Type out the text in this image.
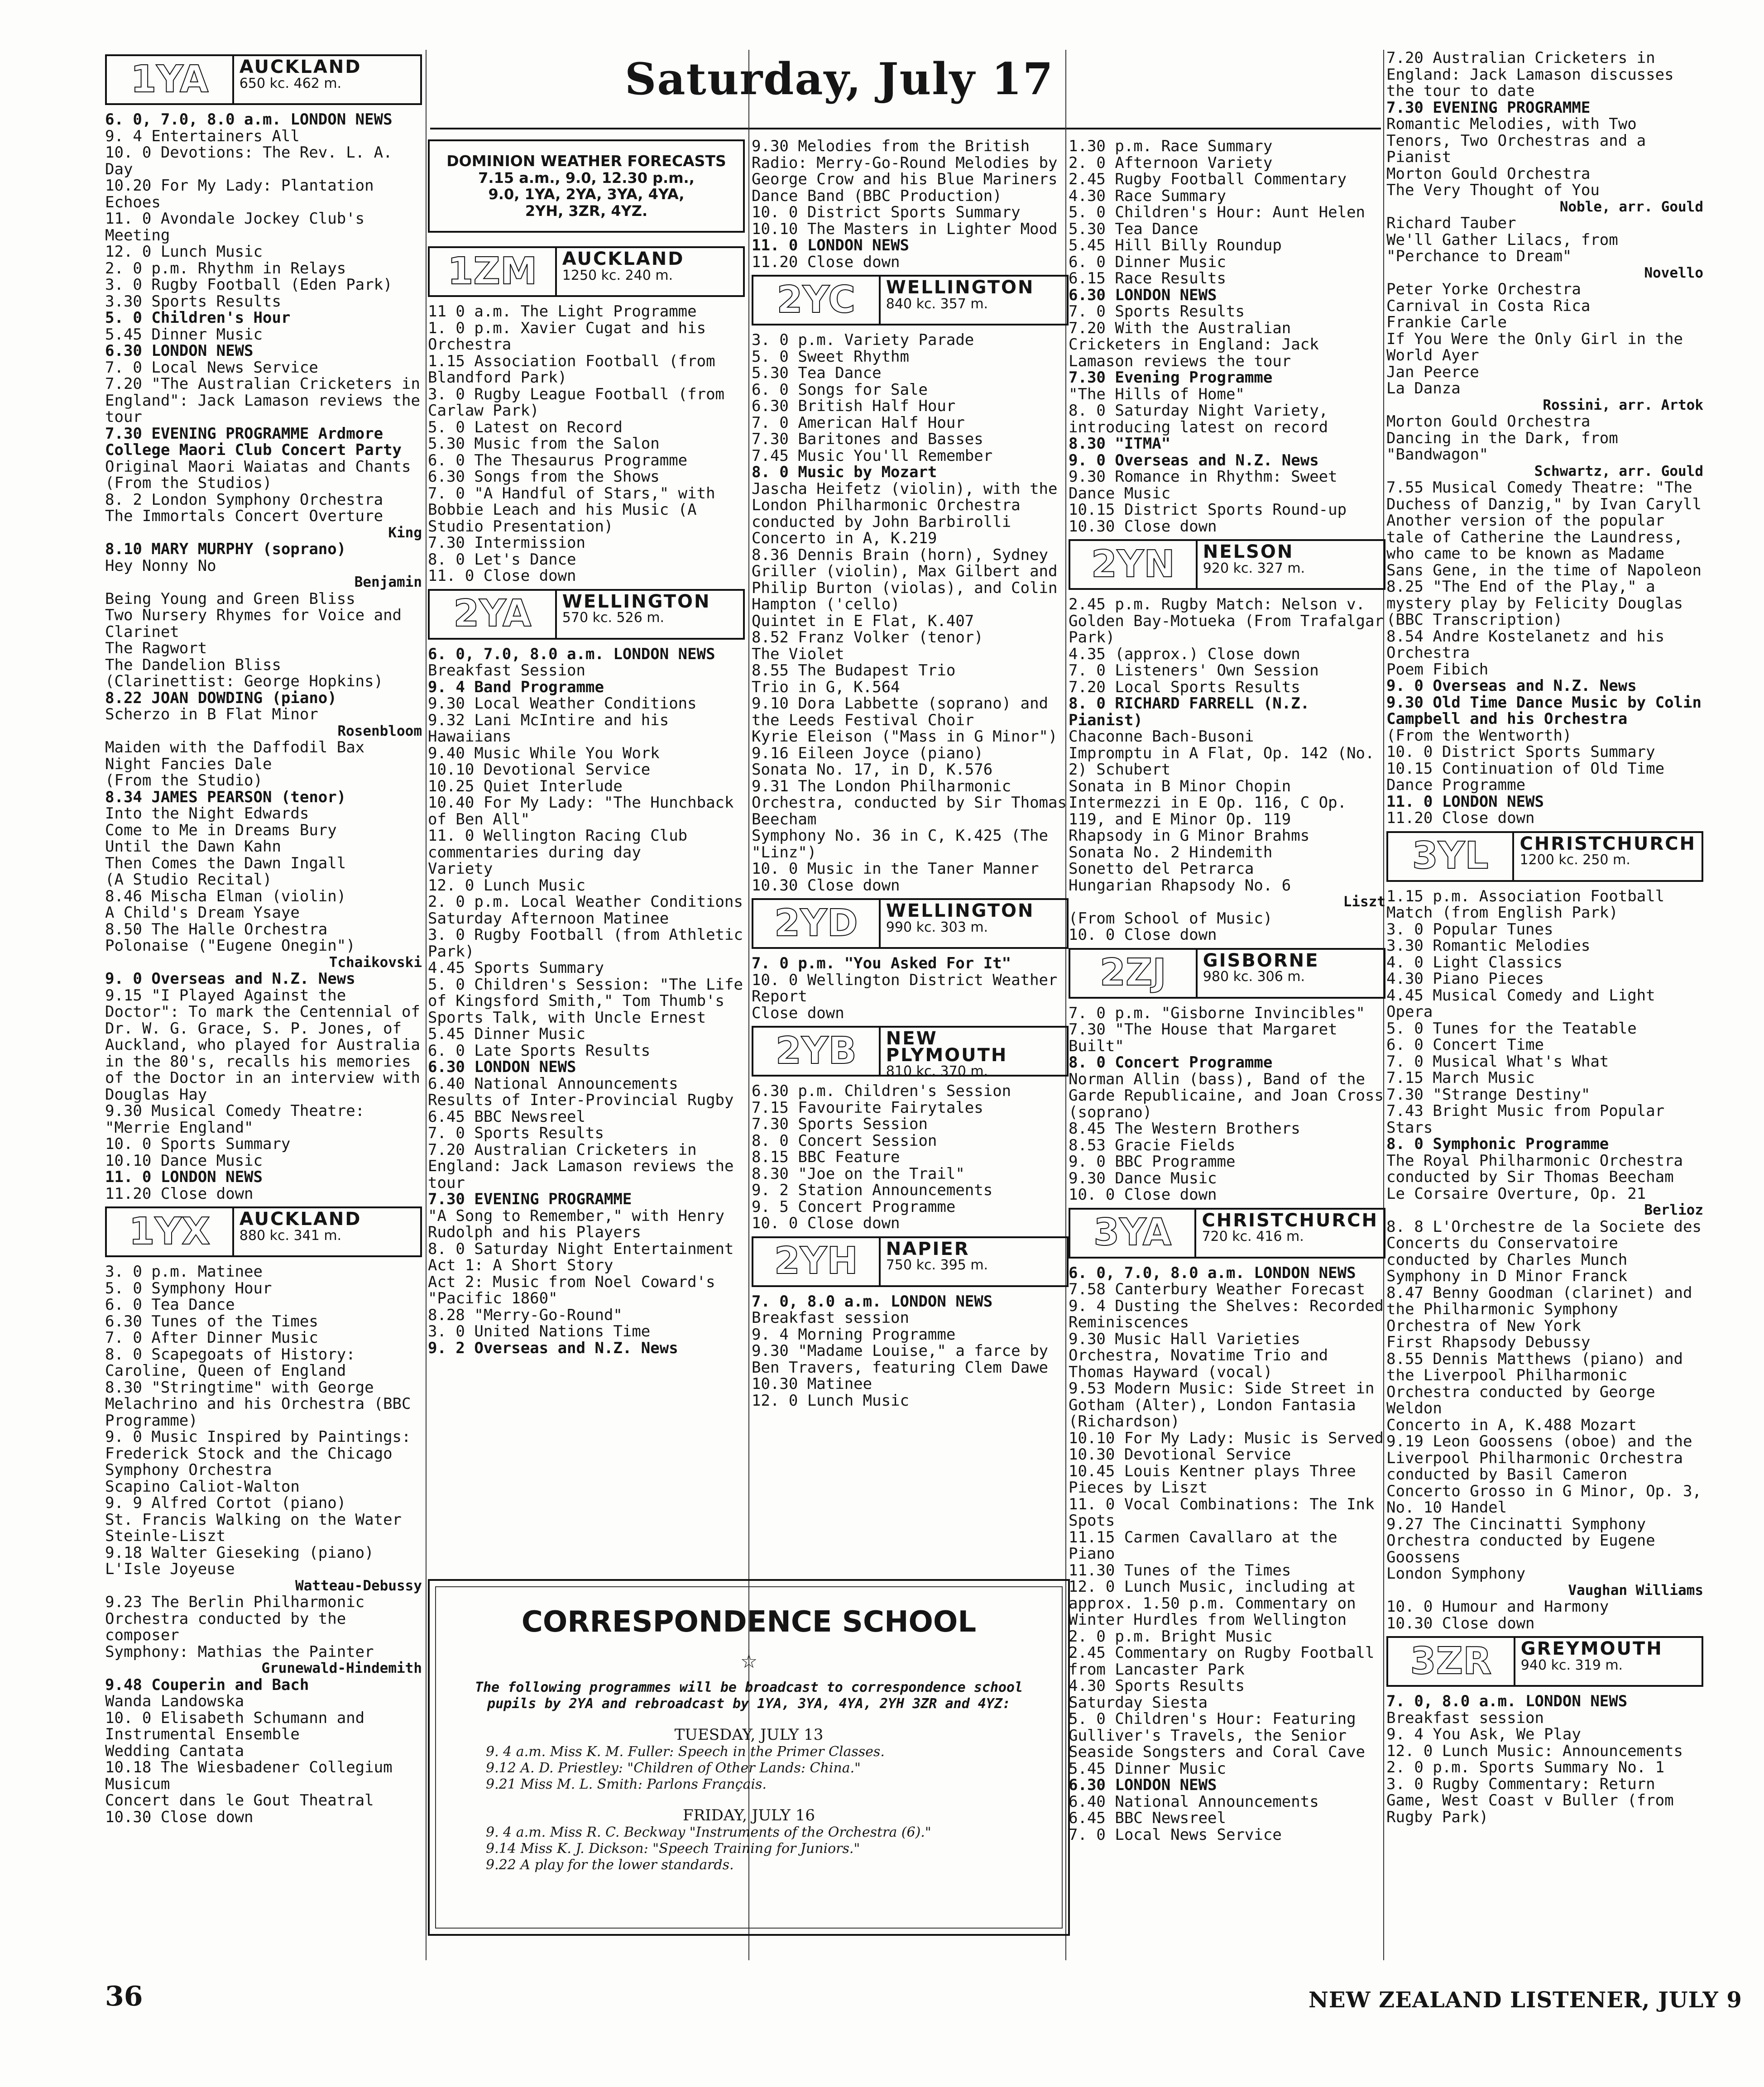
Saturday, July 17
1YA	AUCKLAND
650 kc. 462 m.
6. 0, 7.0, 8.0 a.m. LONDON NEWS
9. 4 Entertainers All
10. 0 Devotions: The Rev. L. A. Day
10.20 For My Lady: Plantation Echoes
11. 0 Avondale Jockey Club's Meeting
12. 0 Lunch Music
2. 0 p.m. Rhythm in Relays
3. 0 Rugby Football (Eden Park)
3.30 Sports Results
5. 0 Children's Hour
5.45 Dinner Music
6.30 LONDON NEWS
7. 0 Local News Service
7.20 "The Australian Cricketers in England": Jack Lamason reviews the tour
7.30 EVENING PROGRAMME Ardmore College Maori Club Concert Party
Original Maori Waiatas and Chants
(From the Studios)
8. 2 London Symphony Orchestra
The Immortals Concert Overture
King
8.10 MARY MURPHY (soprano)
Hey Nonny No
Benjamin
Being Young and Green Bliss
Two Nursery Rhymes for Voice and Clarinet
The Ragwort
The Dandelion Bliss
(Clarinettist: George Hopkins)
8.22 JOAN DOWDING (piano)
Scherzo in B Flat Minor
Rosenbloom
Maiden with the Daffodil Bax
Night Fancies Dale
(From the Studio)
8.34 JAMES PEARSON (tenor)
Into the Night Edwards
Come to Me in Dreams Bury
Until the Dawn Kahn
Then Comes the Dawn Ingall
(A Studio Recital)
8.46 Mischa Elman (violin)
A Child's Dream Ysaye
8.50 The Halle Orchestra
Polonaise ("Eugene Onegin")
Tchaikovski
9. 0 Overseas and N.Z. News
9.15 "I Played Against the Doctor": To mark the Centennial of Dr. W. G. Grace, S. P. Jones, of Auckland, who played for Australia in the 80's, recalls his memories of the Doctor in an interview with Douglas Hay
9.30 Musical Comedy Theatre: "Merrie England"
10. 0 Sports Summary
10.10 Dance Music
11. 0 LONDON NEWS
11.20 Close down
1YX	AUCKLAND
880 kc. 341 m.
3. 0 p.m. Matinee
5. 0 Symphony Hour
6. 0 Tea Dance
6.30 Tunes of the Times
7. 0 After Dinner Music
8. 0 Scapegoats of History: Caroline, Queen of England
8.30 "Stringtime" with George Melachrino and his Orchestra (BBC Programme)
9. 0 Music Inspired by Paintings: Frederick Stock and the Chicago Symphony Orchestra
Scapino Caliot-Walton
9. 9 Alfred Cortot (piano)
St. Francis Walking on the Water Steinle-Liszt
9.18 Walter Gieseking (piano)
L'Isle Joyeuse
Watteau-Debussy
9.23 The Berlin Philharmonic Orchestra conducted by the composer
Symphony: Mathias the Painter
Grunewald-Hindemith
9.48 Couperin and Bach
Wanda Landowska
10. 0 Elisabeth Schumann and Instrumental Ensemble
Wedding Cantata
10.18 The Wiesbadener Collegium Musicum
Concert dans le Gout Theatral
10.30 Close down
DOMINION WEATHER FORECASTS
7.15 a.m., 9.0, 12.30 p.m.,
9.0, 1YA, 2YA, 3YA, 4YA,
2YH, 3ZR, 4YZ.
1ZM	AUCKLAND
1250 kc. 240 m.
11 0 a.m. The Light Programme
1. 0 p.m. Xavier Cugat and his Orchestra
1.15 Association Football (from Blandford Park)
3. 0 Rugby League Football (from Carlaw Park)
5. 0 Latest on Record
5.30 Music from the Salon
6. 0 The Thesaurus Programme
6.30 Songs from the Shows
7. 0 "A Handful of Stars," with Bobbie Leach and his Music (A Studio Presentation)
7.30 Intermission
8. 0 Let's Dance
11. 0 Close down
2YA	WELLINGTON
570 kc. 526 m.
6. 0, 7.0, 8.0 a.m. LONDON NEWS
Breakfast Session
9. 4 Band Programme
9.30 Local Weather Conditions
9.32 Lani McIntire and his Hawaiians
9.40 Music While You Work
10.10 Devotional Service
10.25 Quiet Interlude
10.40 For My Lady: "The Hunchback of Ben All"
11. 0 Wellington Racing Club commentaries during day
Variety
12. 0 Lunch Music
2. 0 p.m. Local Weather Conditions
Saturday Afternoon Matinee
3. 0 Rugby Football (from Athletic Park)
4.45 Sports Summary
5. 0 Children's Session: "The Life of Kingsford Smith," Tom Thumb's Sports Talk, with Uncle Ernest
5.45 Dinner Music
6. 0 Late Sports Results
6.30 LONDON NEWS
6.40 National Announcements
Results of Inter-Provincial Rugby
6.45 BBC Newsreel
7. 0 Sports Results
7.20 Australian Cricketers in England: Jack Lamason reviews the tour
7.30 EVENING PROGRAMME
"A Song to Remember," with Henry Rudolph and his Players
8. 0 Saturday Night Entertainment
Act 1: A Short Story
Act 2: Music from Noel Coward's "Pacific 1860"
8.28 "Merry-Go-Round"
3. 0 United Nations Time
9. 2 Overseas and N.Z. News
9.30 Melodies from the British Radio: Merry-Go-Round Melodies by George Crow and his Blue Mariners Dance Band (BBC Production)
10. 0 District Sports Summary
10.10 The Masters in Lighter Mood
11. 0 LONDON NEWS
11.20 Close down
2YC	WELLINGTON
840 kc. 357 m.
3. 0 p.m. Variety Parade
5. 0 Sweet Rhythm
5.30 Tea Dance
6. 0 Songs for Sale
6.30 British Half Hour
7. 0 American Half Hour
7.30 Baritones and Basses
7.45 Music You'll Remember
8. 0 Music by Mozart
Jascha Heifetz (violin), with the London Philharmonic Orchestra conducted by John Barbirolli
Concerto in A, K.219
8.36 Dennis Brain (horn), Sydney Griller (violin), Max Gilbert and Philip Burton (violas), and Colin Hampton ('cello)
Quintet in E Flat, K.407
8.52 Franz Volker (tenor)
The Violet
8.55 The Budapest Trio
Trio in G, K.564
9.10 Dora Labbette (soprano) and the Leeds Festival Choir
Kyrie Eleison ("Mass in G Minor")
9.16 Eileen Joyce (piano)
Sonata No. 17, in D, K.576
9.31 The London Philharmonic Orchestra, conducted by Sir Thomas Beecham
Symphony No. 36 in C, K.425 (The "Linz")
10. 0 Music in the Taner Manner
10.30 Close down
2YD	WELLINGTON
990 kc. 303 m.
7. 0 p.m. "You Asked For It"
10. 0 Wellington District Weather Report
Close down
2YB	NEW PLYMOUTH
810 kc. 370 m.
6.30 p.m. Children's Session
7.15 Favourite Fairytales
7.30 Sports Session
8. 0 Concert Session
8.15 BBC Feature
8.30 "Joe on the Trail"
9. 2 Station Announcements
9. 5 Concert Programme
10. 0 Close down
2YH	NAPIER
750 kc. 395 m.
7. 0, 8.0 a.m. LONDON NEWS
Breakfast session
9. 4 Morning Programme
9.30 "Madame Louise," a farce by Ben Travers, featuring Clem Dawe
10.30 Matinee
12. 0 Lunch Music
1.30 p.m. Race Summary
2. 0 Afternoon Variety
2.45 Rugby Football Commentary
4.30 Race Summary
5. 0 Children's Hour: Aunt Helen
5.30 Tea Dance
5.45 Hill Billy Roundup
6. 0 Dinner Music
6.15 Race Results
6.30 LONDON NEWS
7. 0 Sports Results
7.20 With the Australian Cricketers in England: Jack Lamason reviews the tour
7.30 Evening Programme
"The Hills of Home"
8. 0 Saturday Night Variety, introducing latest on record
8.30 "ITMA"
9. 0 Overseas and N.Z. News
9.30 Romance in Rhythm: Sweet Dance Music
10.15 District Sports Round-up
10.30 Close down
2YN	NELSON
920 kc. 327 m.
2.45 p.m. Rugby Match: Nelson v. Golden Bay-Motueka (From Trafalgar Park)
4.35 (approx.) Close down
7. 0 Listeners' Own Session
7.20 Local Sports Results
8. 0 RICHARD FARRELL (N.Z. Pianist)
Chaconne Bach-Busoni
Impromptu in A Flat, Op. 142 (No. 2) Schubert
Sonata in B Minor Chopin
Intermezzi in E Op. 116, C Op. 119, and E Minor Op. 119
Rhapsody in G Minor Brahms
Sonata No. 2 Hindemith
Sonetto del Petrarca
Hungarian Rhapsody No. 6
Liszt
(From School of Music)
10. 0 Close down
2ZJ	GISBORNE
980 kc. 306 m.
7. 0 p.m. "Gisborne Invincibles"
7.30 "The House that Margaret Built"
8. 0 Concert Programme
Norman Allin (bass), Band of the Garde Republicaine, and Joan Cross (soprano)
8.45 The Western Brothers
8.53 Gracie Fields
9. 0 BBC Programme
9.30 Dance Music
10. 0 Close down
3YA	CHRISTCHURCH
720 kc. 416 m.
6. 0, 7.0, 8.0 a.m. LONDON NEWS
7.58 Canterbury Weather Forecast
9. 4 Dusting the Shelves: Recorded Reminiscences
9.30 Music Hall Varieties Orchestra, Novatime Trio and Thomas Hayward (vocal)
9.53 Modern Music: Side Street in Gotham (Alter), London Fantasia (Richardson)
10.10 For My Lady: Music is Served
10.30 Devotional Service
10.45 Louis Kentner plays Three Pieces by Liszt
11. 0 Vocal Combinations: The Ink Spots
11.15 Carmen Cavallaro at the Piano
11.30 Tunes of the Times
12. 0 Lunch Music, including at approx. 1.50 p.m. Commentary on Winter Hurdles from Wellington
2. 0 p.m. Bright Music
2.45 Commentary on Rugby Football from Lancaster Park
4.30 Sports Results
Saturday Siesta
5. 0 Children's Hour: Featuring Gulliver's Travels, the Senior Seaside Songsters and Coral Cave
5.45 Dinner Music
6.30 LONDON NEWS
6.40 National Announcements
6.45 BBC Newsreel
7. 0 Local News Service
7.20 Australian Cricketers in England: Jack Lamason discusses the tour to date
7.30 EVENING PROGRAMME
Romantic Melodies, with Two Tenors, Two Orchestras and a Pianist
Morton Gould Orchestra
The Very Thought of You
Noble, arr. Gould
Richard Tauber
We'll Gather Lilacs, from "Perchance to Dream"
Novello
Peter Yorke Orchestra
Carnival in Costa Rica
Frankie Carle
If You Were the Only Girl in the World Ayer
Jan Peerce
La Danza
Rossini, arr. Artok
Morton Gould Orchestra
Dancing in the Dark, from "Bandwagon"
Schwartz, arr. Gould
7.55 Musical Comedy Theatre: "The Duchess of Danzig," by Ivan Caryll
Another version of the popular tale of Catherine the Laundress, who came to be known as Madame Sans Gene, in the time of Napoleon
8.25 "The End of the Play," a mystery play by Felicity Douglas
(BBC Transcription)
8.54 Andre Kostelanetz and his Orchestra
Poem Fibich
9. 0 Overseas and N.Z. News
9.30 Old Time Dance Music by Colin Campbell and his Orchestra
(From the Wentworth)
10. 0 District Sports Summary
10.15 Continuation of Old Time Dance Programme
11. 0 LONDON NEWS
11.20 Close down
3YL	CHRISTCHURCH
1200 kc. 250 m.
1.15 p.m. Association Football Match (from English Park)
3. 0 Popular Tunes
3.30 Romantic Melodies
4. 0 Light Classics
4.30 Piano Pieces
4.45 Musical Comedy and Light Opera
5. 0 Tunes for the Teatable
6. 0 Concert Time
7. 0 Musical What's What
7.15 March Music
7.30 "Strange Destiny"
7.43 Bright Music from Popular Stars
8. 0 Symphonic Programme
The Royal Philharmonic Orchestra conducted by Sir Thomas Beecham
Le Corsaire Overture, Op. 21
Berlioz
8. 8 L'Orchestre de la Societe des Concerts du Conservatoire conducted by Charles Munch
Symphony in D Minor Franck
8.47 Benny Goodman (clarinet) and the Philharmonic Symphony Orchestra of New York
First Rhapsody Debussy
8.55 Dennis Matthews (piano) and the Liverpool Philharmonic Orchestra conducted by George Weldon
Concerto in A, K.488 Mozart
9.19 Leon Goossens (oboe) and the Liverpool Philharmonic Orchestra conducted by Basil Cameron
Concerto Grosso in G Minor, Op. 3, No. 10 Handel
9.27 The Cincinatti Symphony Orchestra conducted by Eugene Goossens
London Symphony
Vaughan Williams
10. 0 Humour and Harmony
10.30 Close down
3ZR	GREYMOUTH
940 kc. 319 m.
7. 0, 8.0 a.m. LONDON NEWS
Breakfast session
9. 4 You Ask, We Play
12. 0 Lunch Music: Announcements
2. 0 p.m. Sports Summary No. 1
3. 0 Rugby Commentary: Return Game, West Coast v Buller (from Rugby Park)
CORRESPONDENCE SCHOOL
☆
The following programmes will be broadcast to correspondence school pupils by 2YA and rebroadcast by 1YA, 3YA, 4YA, 2YH 3ZR and 4YZ:
TUESDAY, JULY 13
9. 4 a.m. Miss K. M. Fuller: Speech in the Primer Classes.
9.12 A. D. Priestley: "Children of Other Lands: China."
9.21 Miss M. L. Smith: Parlons Français.
FRIDAY, JULY 16
9. 4 a.m. Miss R. C. Beckway "Instruments of the Orchestra (6)."
9.14 Miss K. J. Dickson: "Speech Training for Juniors."
9.22 A play for the lower standards.
36	NEW ZEALAND LISTENER, JULY 9
